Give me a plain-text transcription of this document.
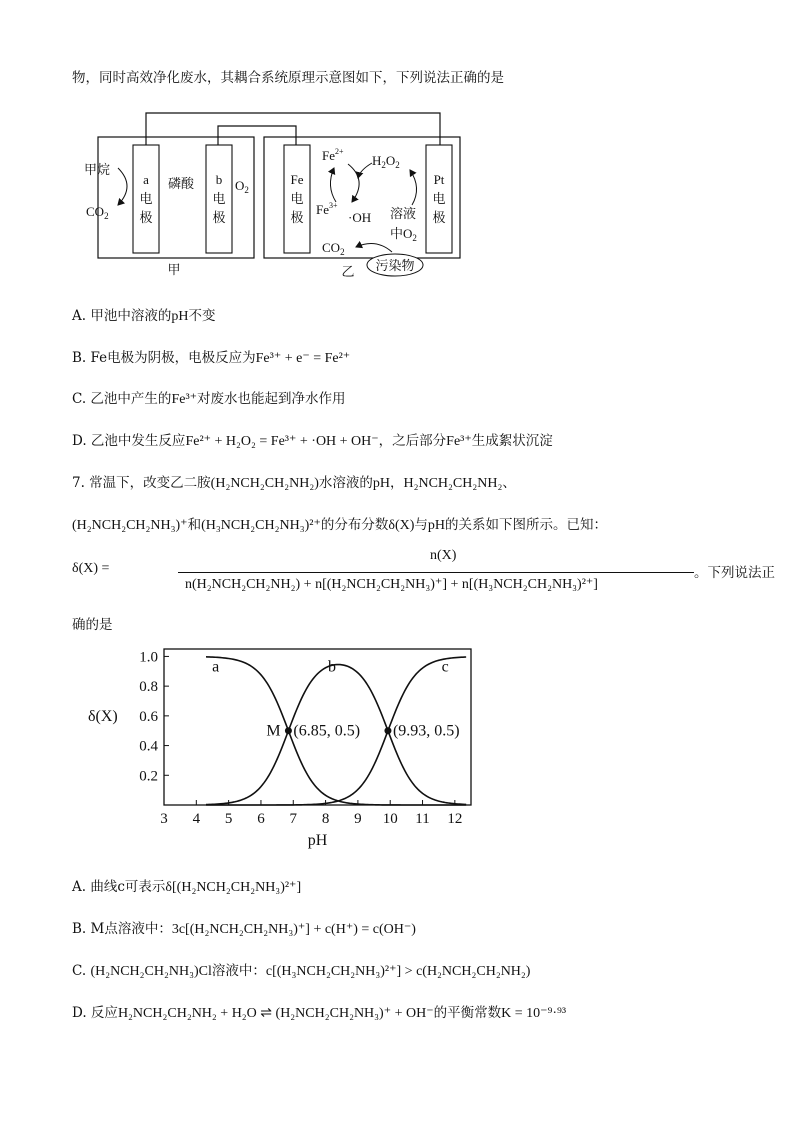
物，同时高效净化废水，其耦合系统原理示意图如下，下列说法正确的是
甲烷
$CO_2$
a
电
极
磷酸 b
电
极
$O_2$
甲
Fe
电
极
$Fe^{2+}$
$Fe^{3+}$
$H_2O_2$
·OH 溶液
中$O_2$
Pt
电
极
$CO_2$
污染物
乙
A. 甲池中溶液的pH不变
B. Fe电极为阴极，电极反应为Fe³⁺ + e⁻ = Fe²⁺
C. 乙池中产生的Fe³⁺对废水也能起到净水作用
D. 乙池中发生反应Fe²⁺ + H₂O₂ = Fe³⁺ + ·OH + OH⁻，之后部分Fe³⁺生成絮状沉淀
7. 常温下，改变乙二胺(H₂NCH₂CH₂NH₂)水溶液的pH，H₂NCH₂CH₂NH₂、
(H₂NCH₂CH₂NH₃)⁺和(H₃NCH₂CH₂NH₃)²⁺的分布分数δ(X)与pH的关系如下图所示。已知：
δ(X) =
n(X)
n(H₂NCH₂CH₂NH₂) + n[(H₂NCH₂CH₂NH₃)⁺] + n[(H₃NCH₂CH₂NH₃)²⁺]
。下列说法正
确的是
3 4 5 6 7 8 9 10 11 12
0.2
0.4
0.6
0.8
1.0
pH
δ(X)
a	b	c
M (6.85, 0.5) (9.93, 0.5)
A. 曲线c可表示δ[(H₂NCH₂CH₂NH₃)²⁺]
B. M点溶液中：3c[(H₂NCH₂CH₂NH₃)⁺] + c(H⁺) = c(OH⁻)
C. (H₂NCH₂CH₂NH₃)Cl溶液中：c[(H₃NCH₂CH₂NH₃)²⁺] > c(H₂NCH₂CH₂NH₂)
D. 反应H₂NCH₂CH₂NH₂ + H₂O ⇌ (H₂NCH₂CH₂NH₃)⁺ + OH⁻的平衡常数K = 10⁻⁹·⁹³
